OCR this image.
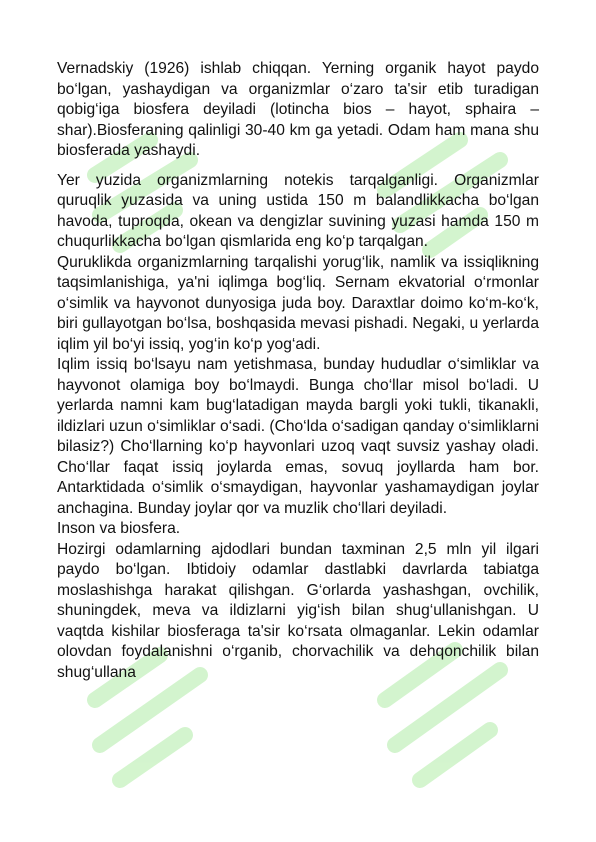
Vernadskiy (1926) ishlab chiqqan. Yerning organik hayot paydo bo‘lgan, yashaydigan va organizmlar o‘zaro ta'sir etib turadigan qobig‘iga biosfera deyiladi (lotincha bios – hayot, sphaira –shar).Biosferaning qalinligi 30-40 km ga yetadi. Odam ham mana shu biosferada yashaydi.

Yer yuzida organizmlarning notekis tarqalganligi. Organizmlar quruqlik yuzasida va uning ustida 150 m balandlikkacha bo‘lgan havoda, tuproqda, okean va dengizlar suvining yuzasi hamda 150 m chuqurlikkacha bo‘lgan qismlarida eng ko‘p tarqalgan.

Quruklikda organizmlarning tarqalishi yorug‘lik, namlik va issiqlikning taqsimlanishiga, ya'ni iqlimga bog‘liq. Sernam ekvatorial o‘rmonlar o‘simlik va hayvonot dunyosiga juda boy. Daraxtlar doimo ko‘m-ko‘k, biri gullayotgan bo‘lsa, boshqasida mevasi pishadi. Negaki, u yerlarda iqlim yil bo‘yi issiq, yog‘in ko‘p yog‘adi.

Iqlim issiq bo‘lsayu nam yetishmasa, bunday hududlar o‘simliklar va hayvonot olamiga boy bo‘lmaydi. Bunga cho‘llar misol bo‘ladi. U yerlarda namni kam bug‘latadigan mayda bargli yoki tukli, tikanakli, ildizlari uzun o‘simliklar o‘sadi. (Cho‘lda o‘sadigan qanday o‘simliklarni bilasiz?) Cho‘llarning ko‘p hayvonlari uzoq vaqt suvsiz yashay oladi. Cho‘llar faqat issiq joylarda emas, sovuq joyllarda ham bor. Antarktidada o‘simlik o‘smaydigan, hayvonlar yashamaydigan joylar anchagina. Bunday joylar qor va muzlik cho‘llari deyiladi.

Inson va biosfera.

Hozirgi odamlarning ajdodlari bundan taxminan 2,5 mln yil ilgari paydo bo‘lgan. Ibtidoiy odamlar dastlabki davrlarda tabiatga moslashishga harakat qilishgan. G‘orlarda yashashgan, ovchilik, shuningdek, meva va ildizlarni yig‘ish bilan shug‘ullanishgan. U vaqtda kishilar biosferaga ta'sir ko‘rsata olmaganlar. Lekin odamlar olovdan foydalanishni o‘rganib, chorvachilik va dehqonchilik bilan shug‘ullana
